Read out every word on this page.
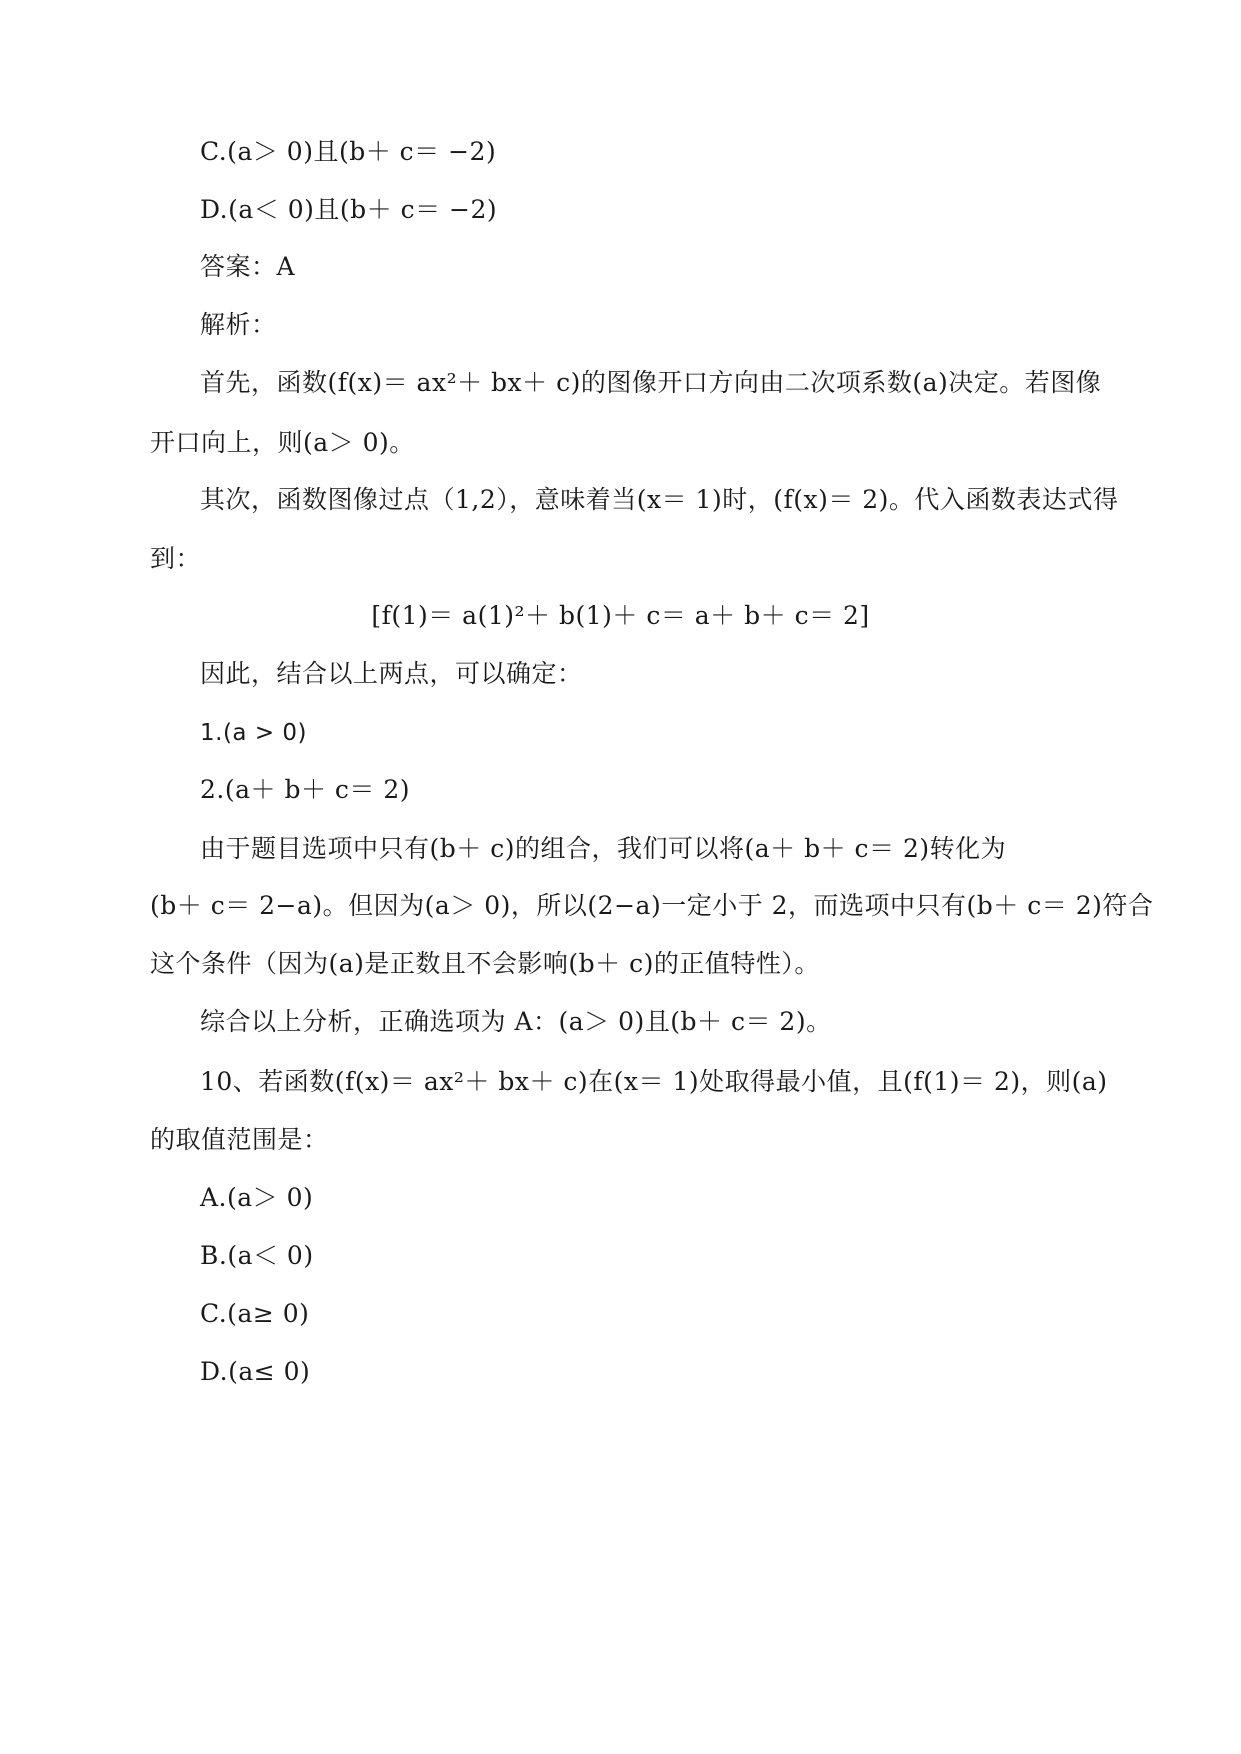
C.(a＞ 0)且(b＋ c＝ −2)
D.(a＜ 0)且(b＋ c＝ −2)
答案：A
解析：
首先，函数(f(x)＝ ax²＋ bx＋ c)的图像开口方向由二次项系数(a)决定。若图像
开口向上，则(a＞ 0)。
其次，函数图像过点（1,2），意味着当(x＝ 1)时，(f(x)＝ 2)。代入函数表达式得
到：
[f(1)＝ a(1)²＋ b(1)＋ c＝ a＋ b＋ c＝ 2]
因此，结合以上两点，可以确定：
1.(a > 0)
2.(a＋ b＋ c＝ 2)
由于题目选项中只有(b＋ c)的组合，我们可以将(a＋ b＋ c＝ 2)转化为
(b＋ c＝ 2−a)。但因为(a＞ 0)，所以(2−a)一定小于 2，而选项中只有(b＋ c＝ 2)符合
这个条件（因为(a)是正数且不会影响(b＋ c)的正值特性）。
综合以上分析，正确选项为 A：(a＞ 0)且(b＋ c＝ 2)。
10、若函数(f(x)＝ ax²＋ bx＋ c)在(x＝ 1)处取得最小值，且(f(1)＝ 2)，则(a)
的取值范围是：
A.(a＞ 0)
B.(a＜ 0)
C.(a≥ 0)
D.(a≤ 0)
